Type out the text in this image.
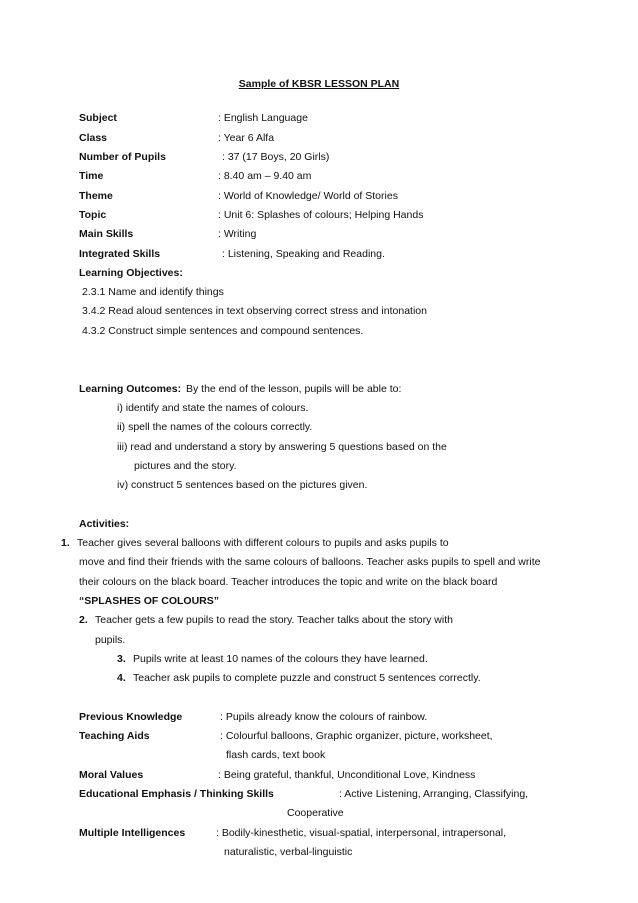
Sample of KBSR LESSON PLAN
Subject	: English Language
Class	: Year 6 Alfa
Number of Pupils	: 37 (17 Boys, 20 Girls)
Time	: 8.40 am – 9.40 am
Theme	: World of Knowledge/ World of Stories
Topic	: Unit 6: Splashes of colours; Helping Hands
Main Skills	: Writing
Integrated Skills	: Listening, Speaking and Reading.
Learning Objectives:
2.3.1 Name and identify things
3.4.2 Read aloud sentences in text observing correct stress and intonation
4.3.2 Construct simple sentences and compound sentences.
Learning Outcomes: By the end of the lesson, pupils will be able to:
i) identify and state the names of colours.
ii) spell the names of the colours correctly.
iii) read and understand a story by answering 5 questions based on the
pictures and the story.
iv) construct 5 sentences based on the pictures given.
Activities:
1. Teacher gives several balloons with different colours to pupils and asks pupils to
move and find their friends with the same colours of balloons. Teacher asks pupils to spell and write
their colours on the black board. Teacher introduces the topic and write on the black board
“SPLASHES OF COLOURS”
2. Teacher gets a few pupils to read the story. Teacher talks about the story with
pupils.
3. Pupils write at least 10 names of the colours they have learned.
4. Teacher ask pupils to complete puzzle and construct 5 sentences correctly.
Previous Knowledge	: Pupils already know the colours of rainbow.
Teaching Aids	: Colourful balloons, Graphic organizer, picture, worksheet,
flash cards, text book
Moral Values	: Being grateful, thankful, Unconditional Love, Kindness
Educational Emphasis / Thinking Skills	: Active Listening, Arranging, Classifying,
Cooperative
Multiple Intelligences	: Bodily-kinesthetic, visual-spatial, interpersonal, intrapersonal,
naturalistic, verbal-linguistic
